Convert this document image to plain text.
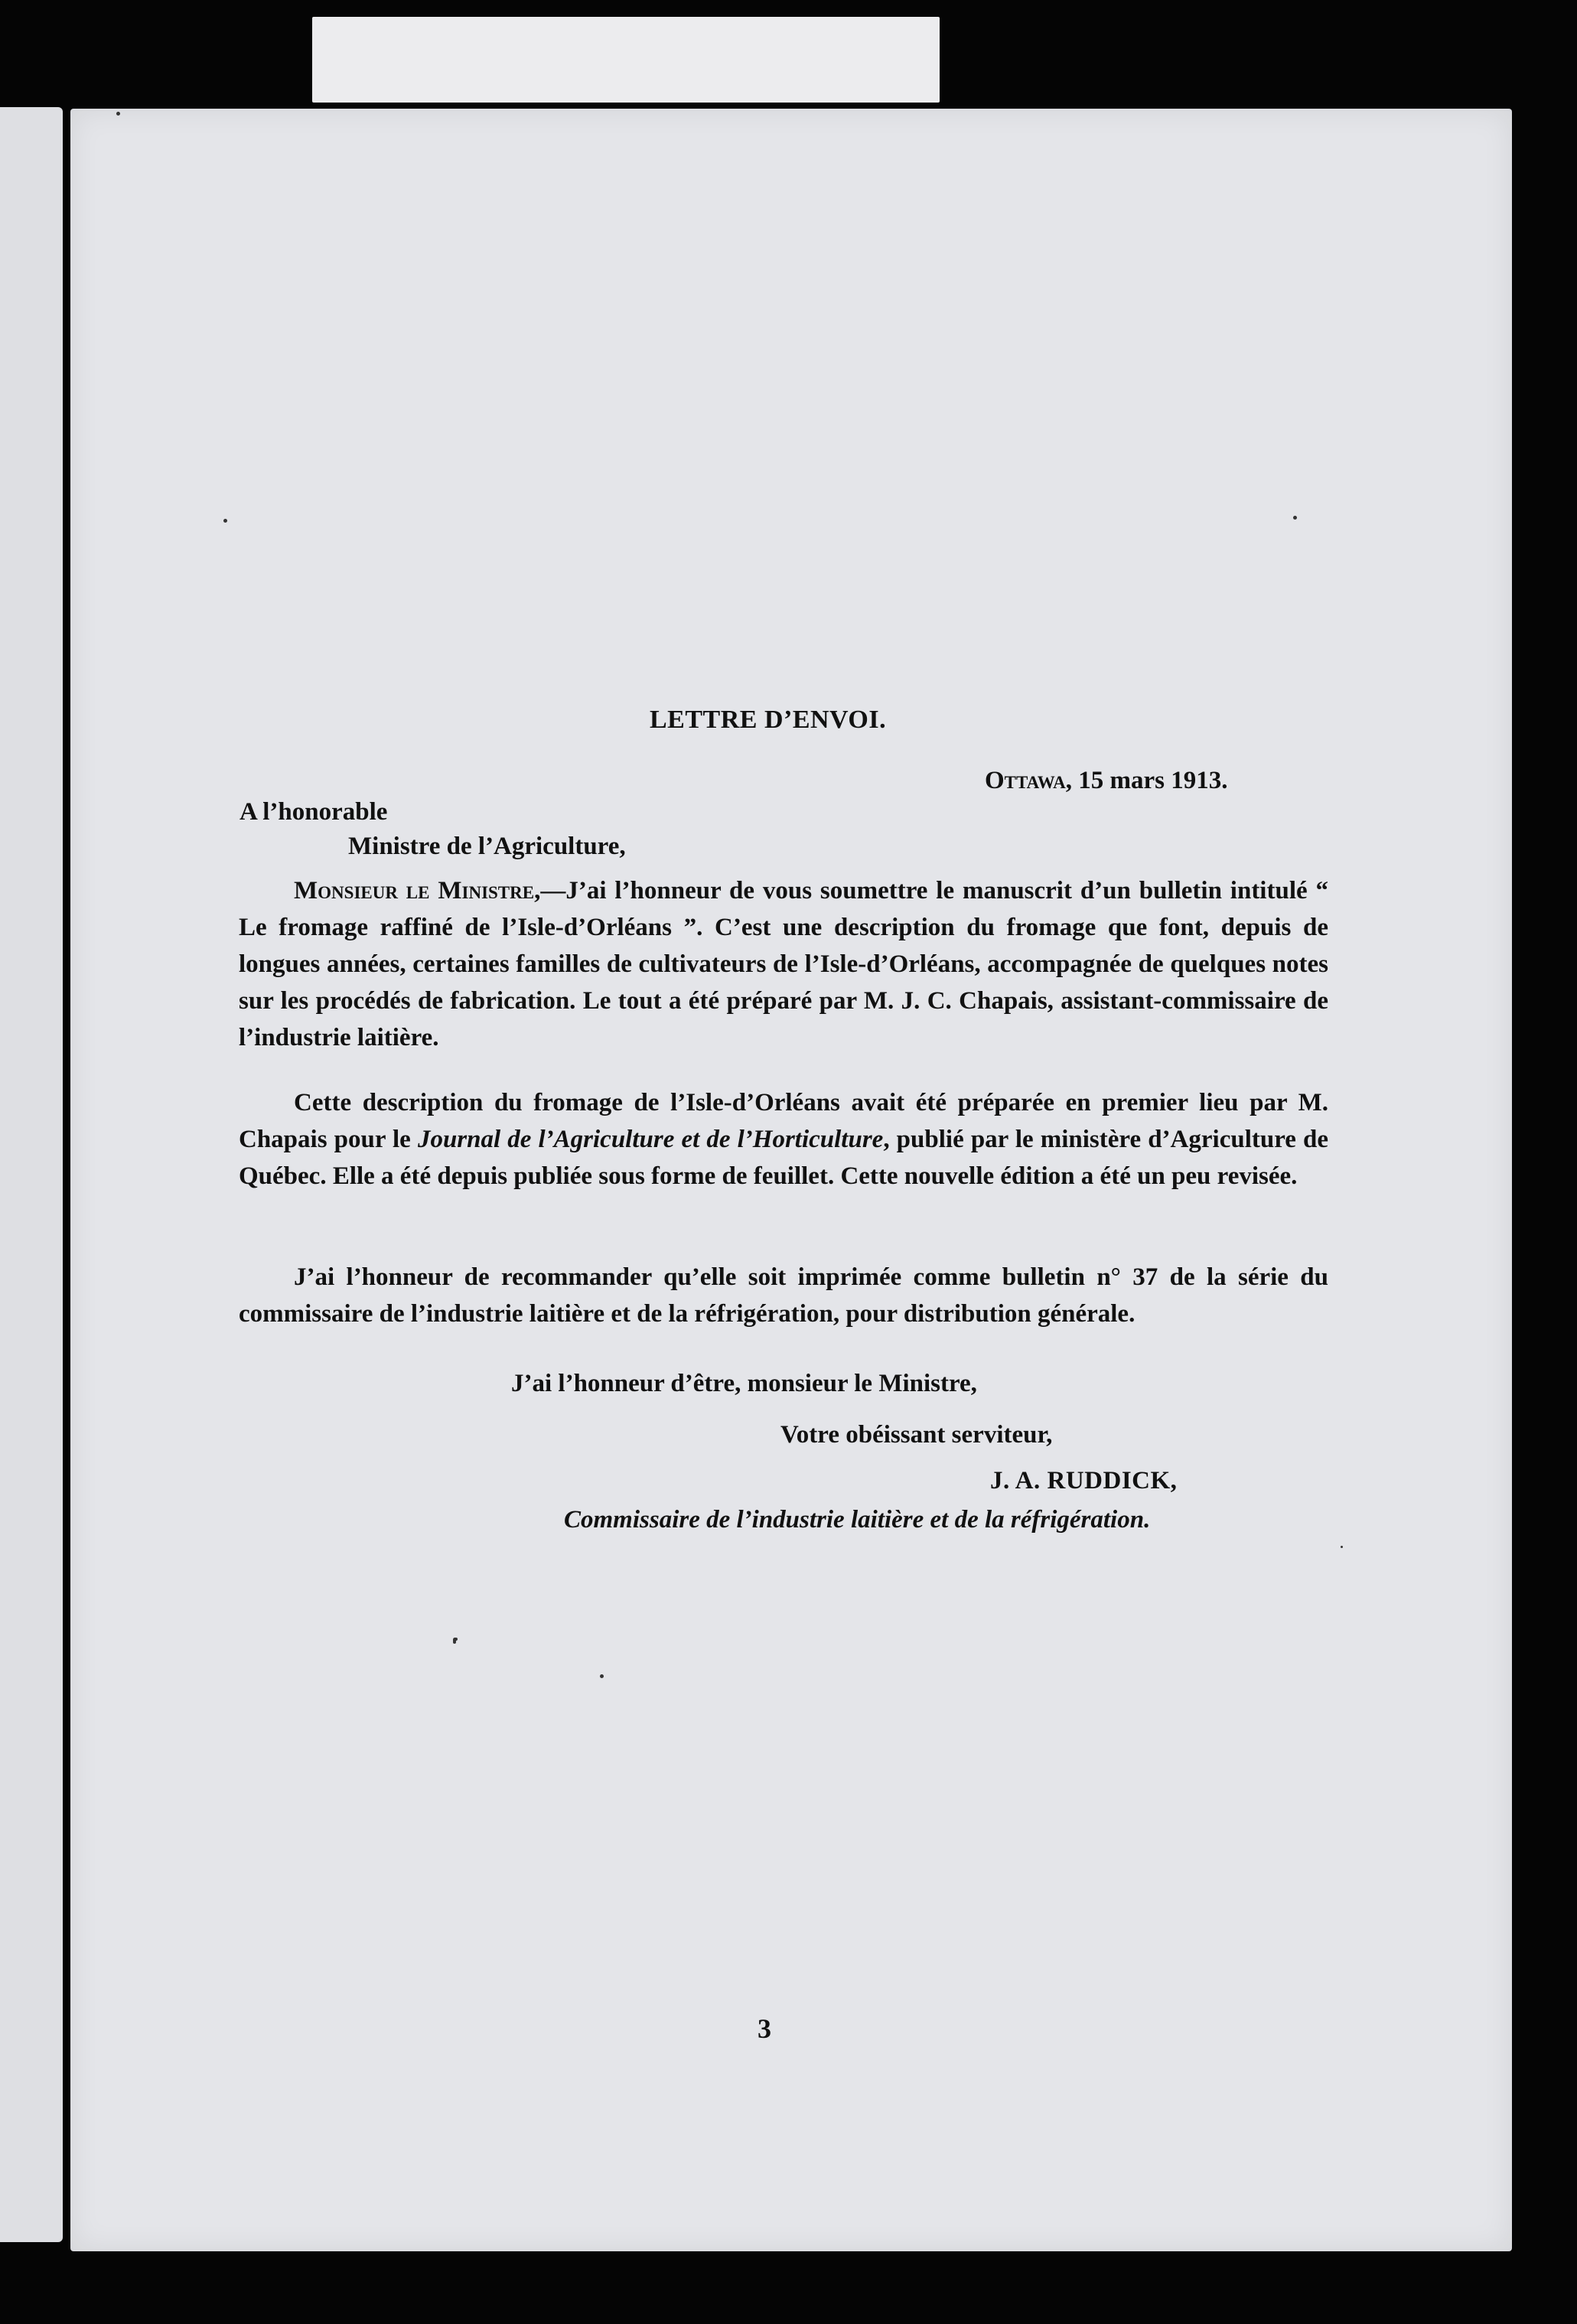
LETTRE D’ENVOI.
Ottawa, 15 mars 1913.
A l’honorable
Ministre de l’Agriculture,
Monsieur le Ministre,—J’ai l’honneur de vous soumettre le manuscrit d’un bulletin intitulé “ Le fromage raffiné de l’Isle-d’Orléans ”. C’est une description du fromage que font, depuis de longues années, certaines familles de cultivateurs de l’Isle-d’Orléans, accompagnée de quelques notes sur les procédés de fabrication. Le tout a été préparé par M. J. C. Chapais, assistant-commissaire de l’industrie laitière.
Cette description du fromage de l’Isle-d’Orléans avait été préparée en premier lieu par M. Chapais pour le Journal de l’Agriculture et de l’Horticulture, publié par le ministère d’Agriculture de Québec. Elle a été depuis publiée sous forme de feuillet. Cette nouvelle édition a été un peu revisée.
J’ai l’honneur de recommander qu’elle soit imprimée comme bulletin n° 37 de la série du commissaire de l’industrie laitière et de la réfrigération, pour distribution générale.
J’ai l’honneur d’être, monsieur le Ministre,
Votre obéissant serviteur,
J. A. RUDDICK,
Commissaire de l’industrie laitière et de la réfrigération.
3
